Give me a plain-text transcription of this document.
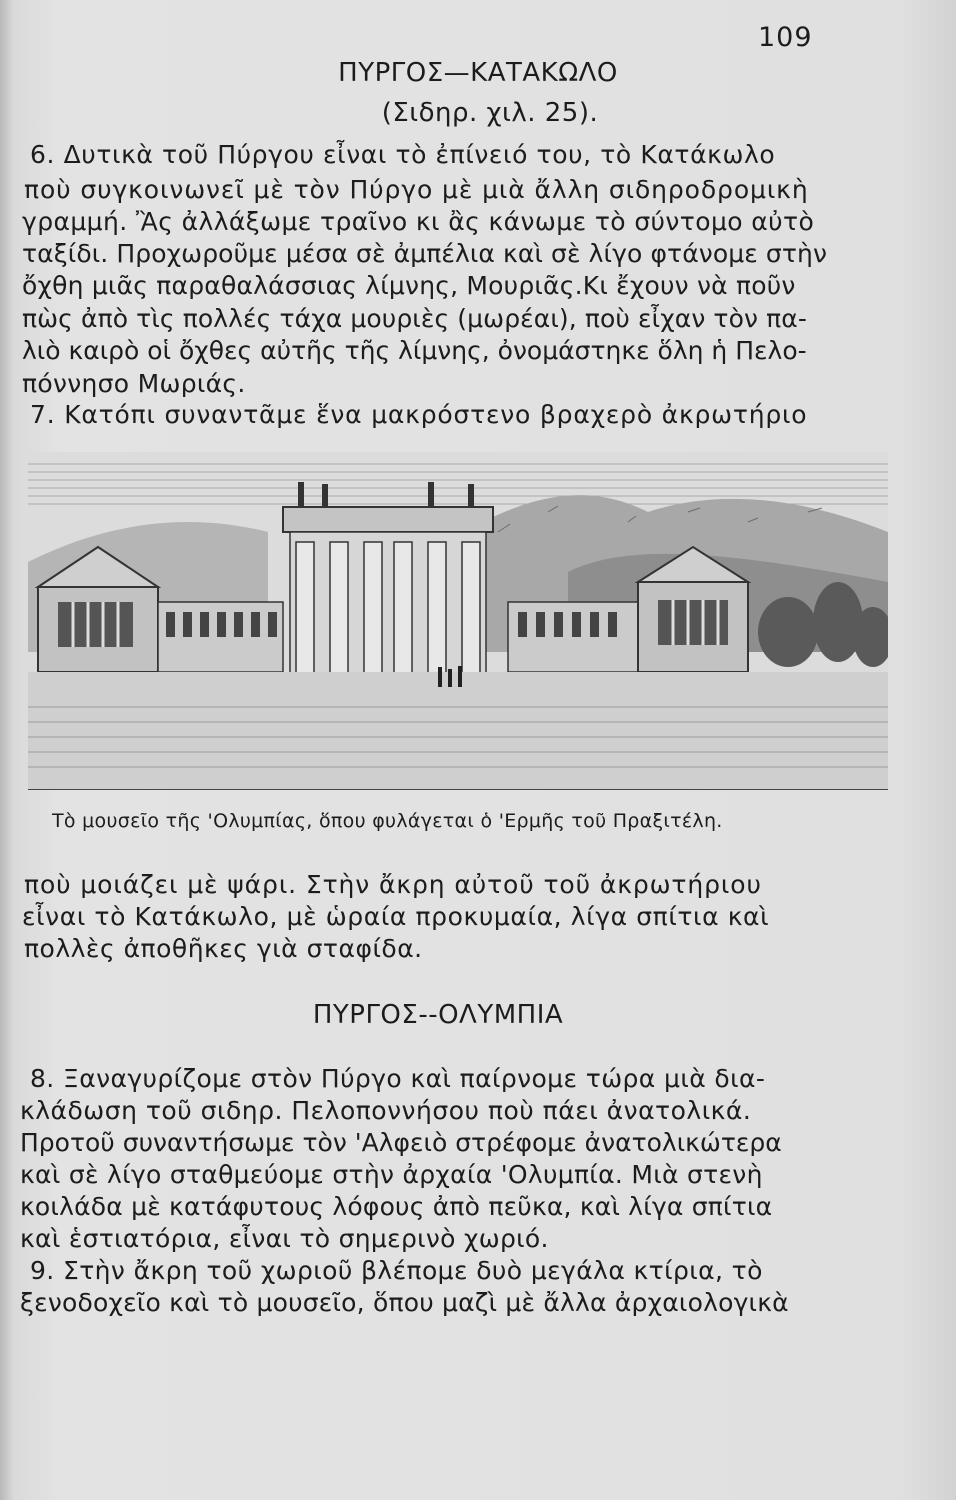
109
ΠΥΡΓΟΣ—ΚΑΤΑΚΩΛΟ
(Σιδηρ. χιλ. 25).
6. Δυτικὰ τοῦ Πύργου εἶναι τὸ ἐπίνειό του, τὸ Κατάκωλο
ποὺ συγκοινωνεῖ μὲ τὸν Πύργο μὲ μιὰ ἄλλη σιδηροδρομικὴ
γραμμή. Ἂς ἀλλάξωμε τραῖνο κι ἂς κάνωμε τὸ σύντομο αὐτὸ
ταξίδι. Προχωροῦμε μέσα σὲ ἀμπέλια καὶ σὲ λίγο φτάνομε στὴν
ὄχθη μιᾶς παραθαλάσσιας λίμνης, Μουριᾶς.Κι ἔχουν νὰ ποῦν
πὼς ἀπὸ τὶς πολλές τάχα μουριὲς (μωρέαι), ποὺ εἶχαν τὸν πα-
λιὸ καιρὸ οἱ ὄχθες αὐτῆς τῆς λίμνης, ὀνομάστηκε ὅλη ἡ Πελο-
πόννησο Μωριάς.
7. Κατόπι συναντᾶμε ἕνα μακρόστενο βραχερὸ ἀκρωτήριο
Τὸ μουσεῖο τῆς 'Ολυμπίας, ὅπου φυλάγεται ὁ 'Ερμῆς τοῦ Πραξιτέλη.
ποὺ μοιάζει μὲ ψάρι. Στὴν ἄκρη αὐτοῦ τοῦ ἀκρωτήριου
εἶναι τὸ Κατάκωλο, μὲ ὡραία προκυμαία, λίγα σπίτια καὶ
πολλὲς ἀποθῆκες γιὰ σταφίδα.
ΠΥΡΓΟΣ--ΟΛΥΜΠΙΑ
8. Ξαναγυρίζομε στὸν Πύργο καὶ παίρνομε τώρα μιὰ δια-
κλάδωση τοῦ σιδηρ. Πελοποννήσου ποὺ πάει ἀνατολικά.
Προτοῦ συναντήσωμε τὸν 'Αλφειὸ στρέφομε ἀνατολικώτερα
καὶ σὲ λίγο σταθμεύομε στὴν ἀρχαία 'Ολυμπία. Μιὰ στενὴ
κοιλάδα μὲ κατάφυτους λόφους ἀπὸ πεῦκα, καὶ λίγα σπίτια
καὶ ἑστιατόρια, εἶναι τὸ σημερινὸ χωριό.
9. Στὴν ἄκρη τοῦ χωριοῦ βλέπομε δυὸ μεγάλα κτίρια, τὸ
ξενοδοχεῖο καὶ τὸ μουσεῖο, ὅπου μαζὶ μὲ ἄλλα ἀρχαιολογικὰ
